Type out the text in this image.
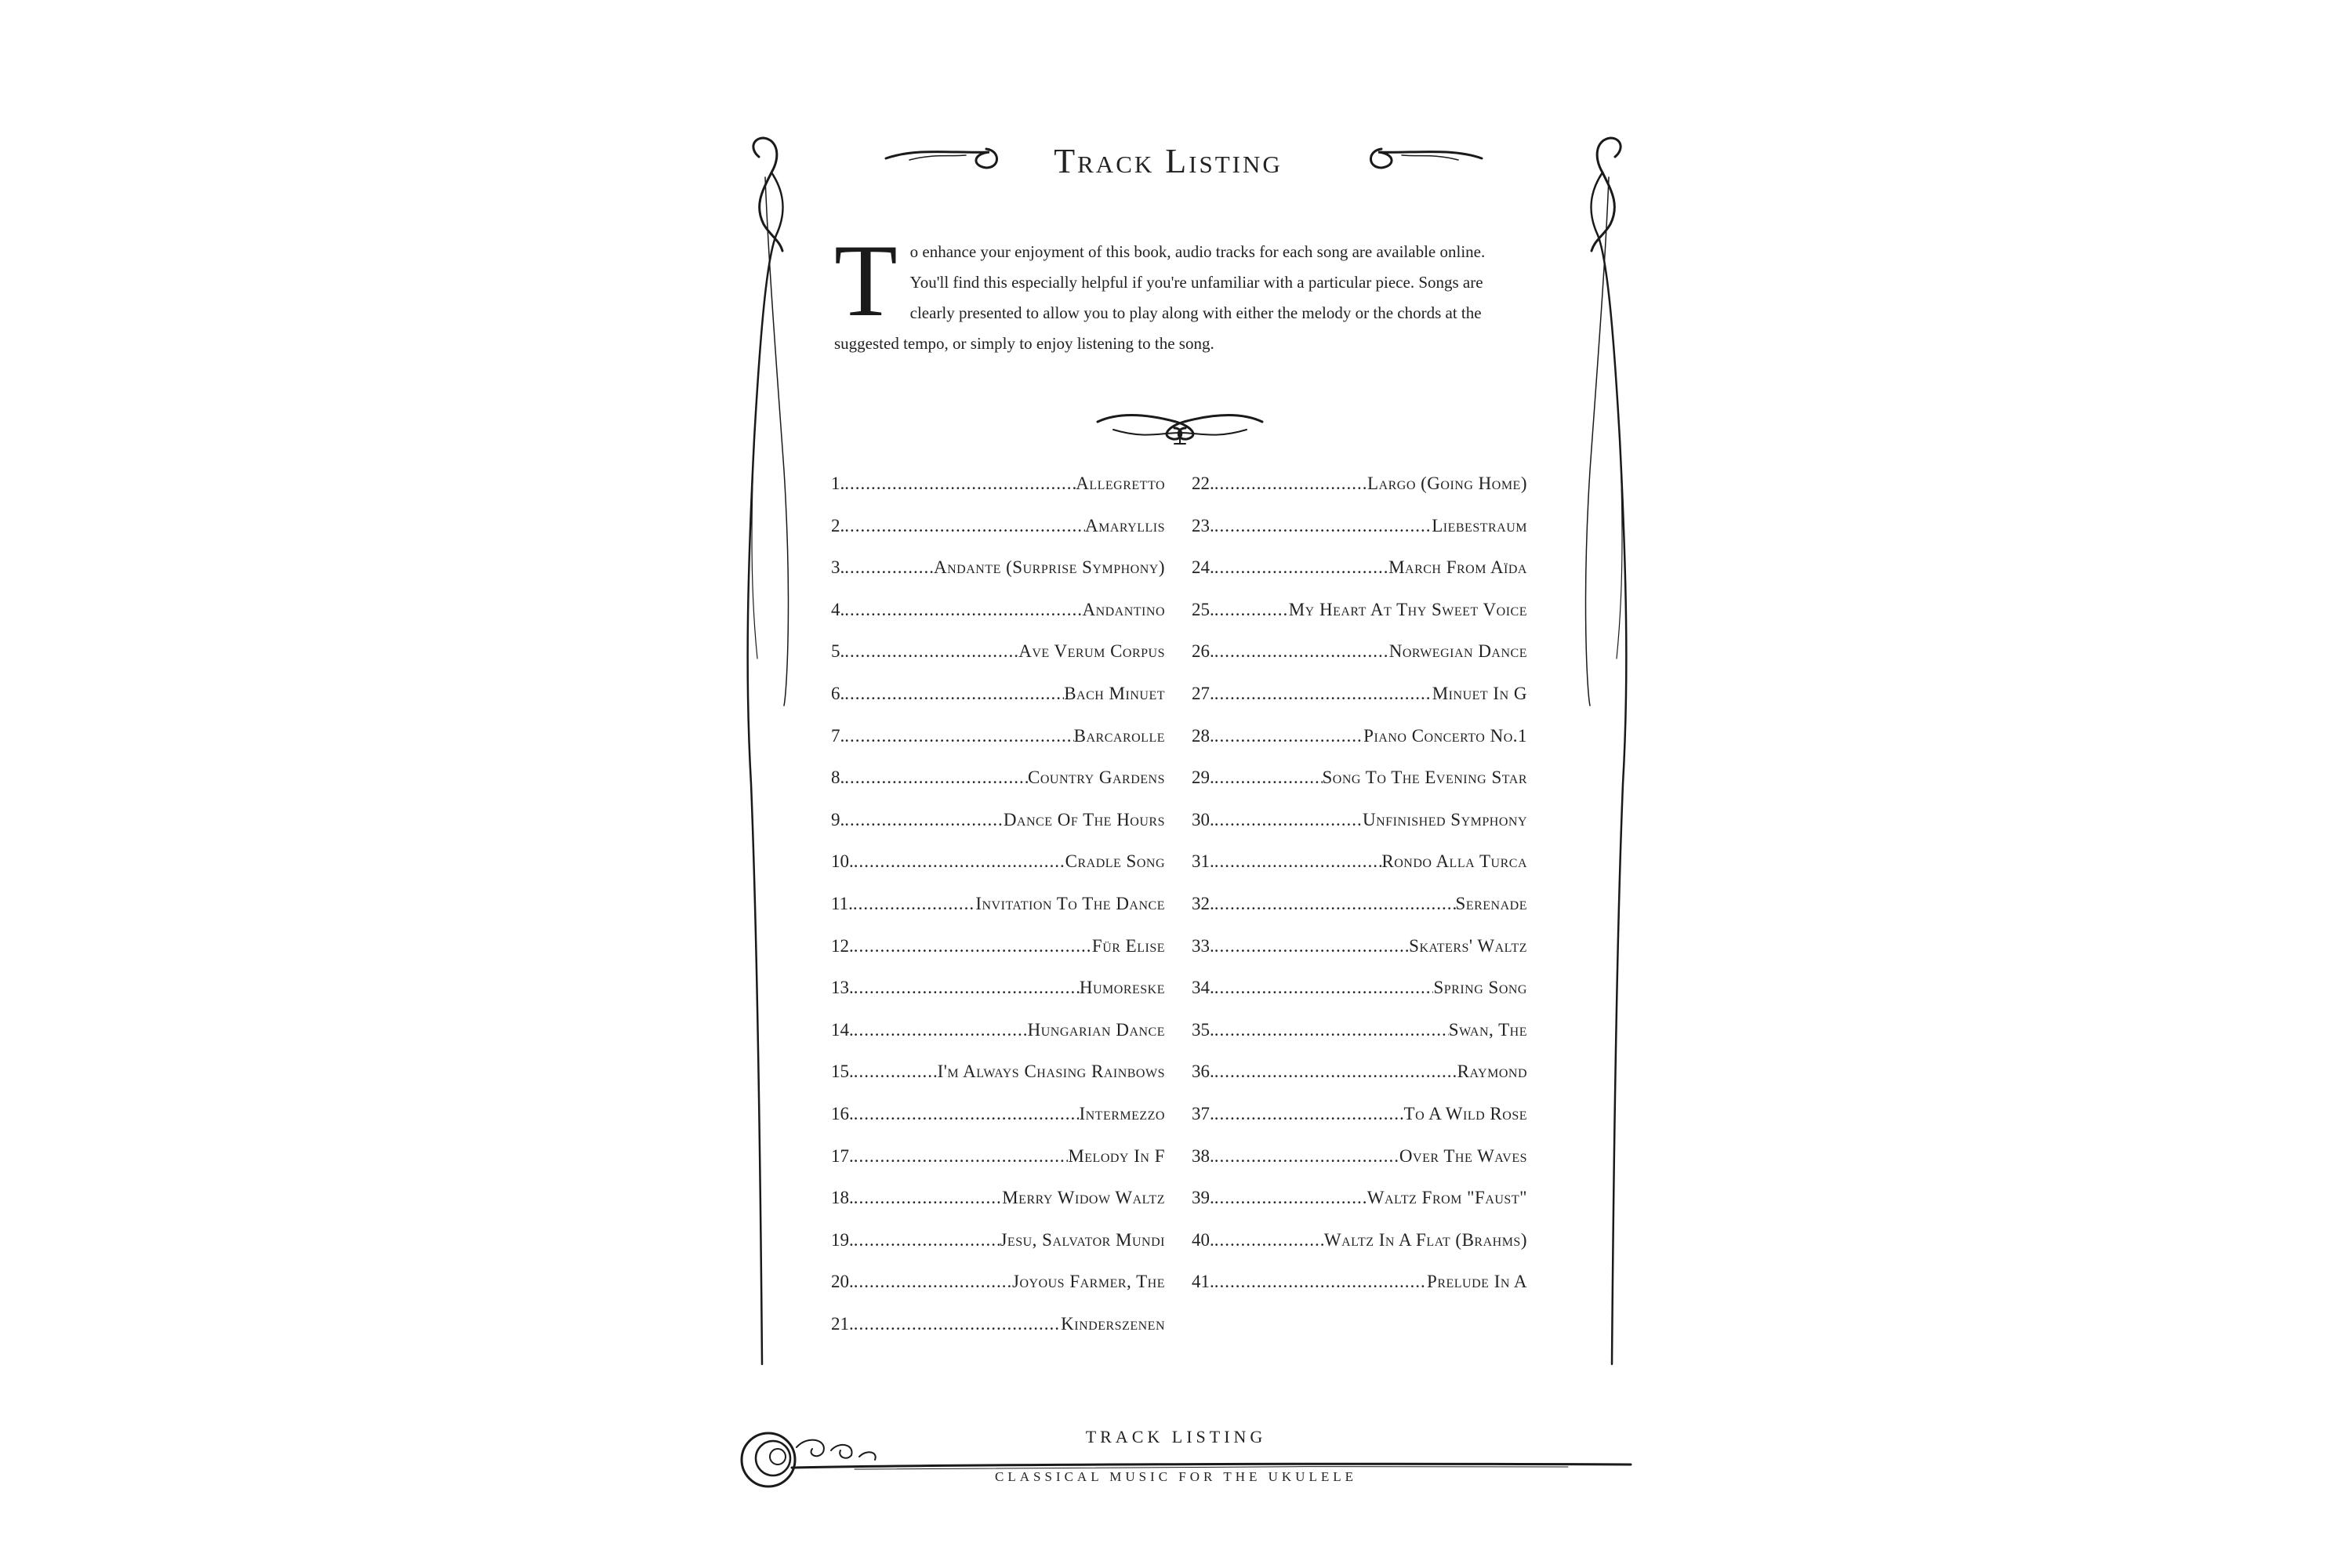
Track Listing
To enhance your enjoyment of this book, audio tracks for each song are available online. You'll find this especially helpful if you're unfamiliar with a particular piece. Songs are clearly presented to allow you to play along with either the melody or the chords at the suggested tempo, or simply to enjoy listening to the song.
1. .....	Allegretto
2. .....	Amaryllis
3. .....	Andante (Surprise Symphony)
4. .....	Andantino
5. .....	Ave Verum Corpus
6. .....	Bach Minuet
7. .....	Barcarolle
8. .....	Country Gardens
9. .....	Dance Of The Hours
10. .....	Cradle Song
11. .....	Invitation To The Dance
12. .....	Für Elise
13. .....	Humoreske
14. .....	Hungarian Dance
15. .....	I'm Always Chasing Rainbows
16. .....	Intermezzo
17. .....	Melody In F
18. .....	Merry Widow Waltz
19. .....	Jesu, Salvator Mundi
20. .....	Joyous Farmer, The
21. .....	Kinderszenen
22. .....	Largo (Going Home)
23. .....	Liebestraum
24. .....	March From Aïda
25. .....	My Heart At Thy Sweet Voice
26. .....	Norwegian Dance
27. .....	Minuet In G
28. .....	Piano Concerto No.1
29. .....	Song To The Evening Star
30. .....	Unfinished Symphony
31. .....	Rondo Alla Turca
32. .....	Serenade
33. .....	Skaters' Waltz
34. .....	Spring Song
35. .....	Swan, The
36. .....	Raymond
37. .....	To A Wild Rose
38. .....	Over The Waves
39. .....	Waltz From "Faust"
40. .....	Waltz In A Flat (Brahms)
41. .....	Prelude In A
TRACK LISTING
CLASSICAL MUSIC FOR THE UKULELE
